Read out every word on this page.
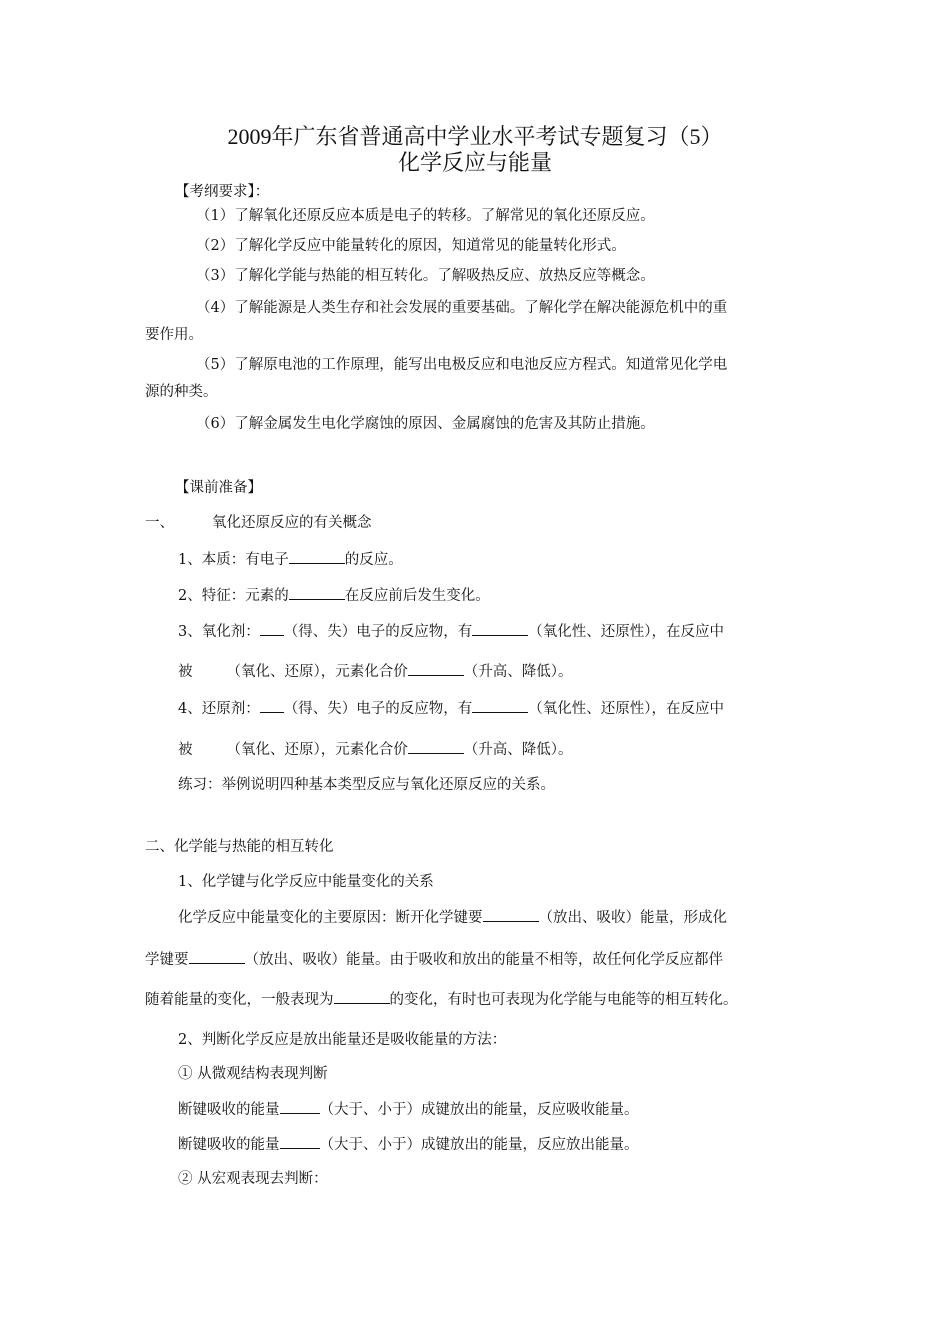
2009年广东省普通高中学业水平考试专题复习（5）
化学反应与能量
【考纲要求】：
（1）了解氧化还原反应本质是电子的转移。了解常见的氧化还原反应。
（2）了解化学反应中能量转化的原因，知道常见的能量转化形式。
（3）了解化学能与热能的相互转化。了解吸热反应、放热反应等概念。
（4）了解能源是人类生存和社会发展的重要基础。了解化学在解决能源危机中的重
要作用。
（5）了解原电池的工作原理，能写出电极反应和电池反应方程式。知道常见化学电
源的种类。
（6）了解金属发生电化学腐蚀的原因、金属腐蚀的危害及其防止措施。
【课前准备】
一、	氧化还原反应的有关概念
1、本质：有电子	的反应。
2、特征：元素的	在反应前后发生变化。
3、氧化剂： （得、失）电子的反应物，有	（氧化性、还原性），在反应中
被 （氧化、还原），元素化合价	（升高、降低）。
4、还原剂： （得、失）电子的反应物，有	（氧化性、还原性），在反应中
被 （氧化、还原），元素化合价	（升高、降低）。
练习：举例说明四种基本类型反应与氧化还原反应的关系。
二、化学能与热能的相互转化
1、化学键与化学反应中能量变化的关系
化学反应中能量变化的主要原因：断开化学键要	（放出、吸收）能量，形成化
学键要	（放出、吸收）能量。由于吸收和放出的能量不相等，故任何化学反应都伴
随着能量的变化，一般表现为	的变化，有时也可表现为化学能与电能等的相互转化。
2、判断化学反应是放出能量还是吸收能量的方法：
① 从微观结构表现判断
断键吸收的能量	（大于、小于）成键放出的能量，反应吸收能量。
断键吸收的能量	（大于、小于）成键放出的能量，反应放出能量。
② 从宏观表现去判断：
